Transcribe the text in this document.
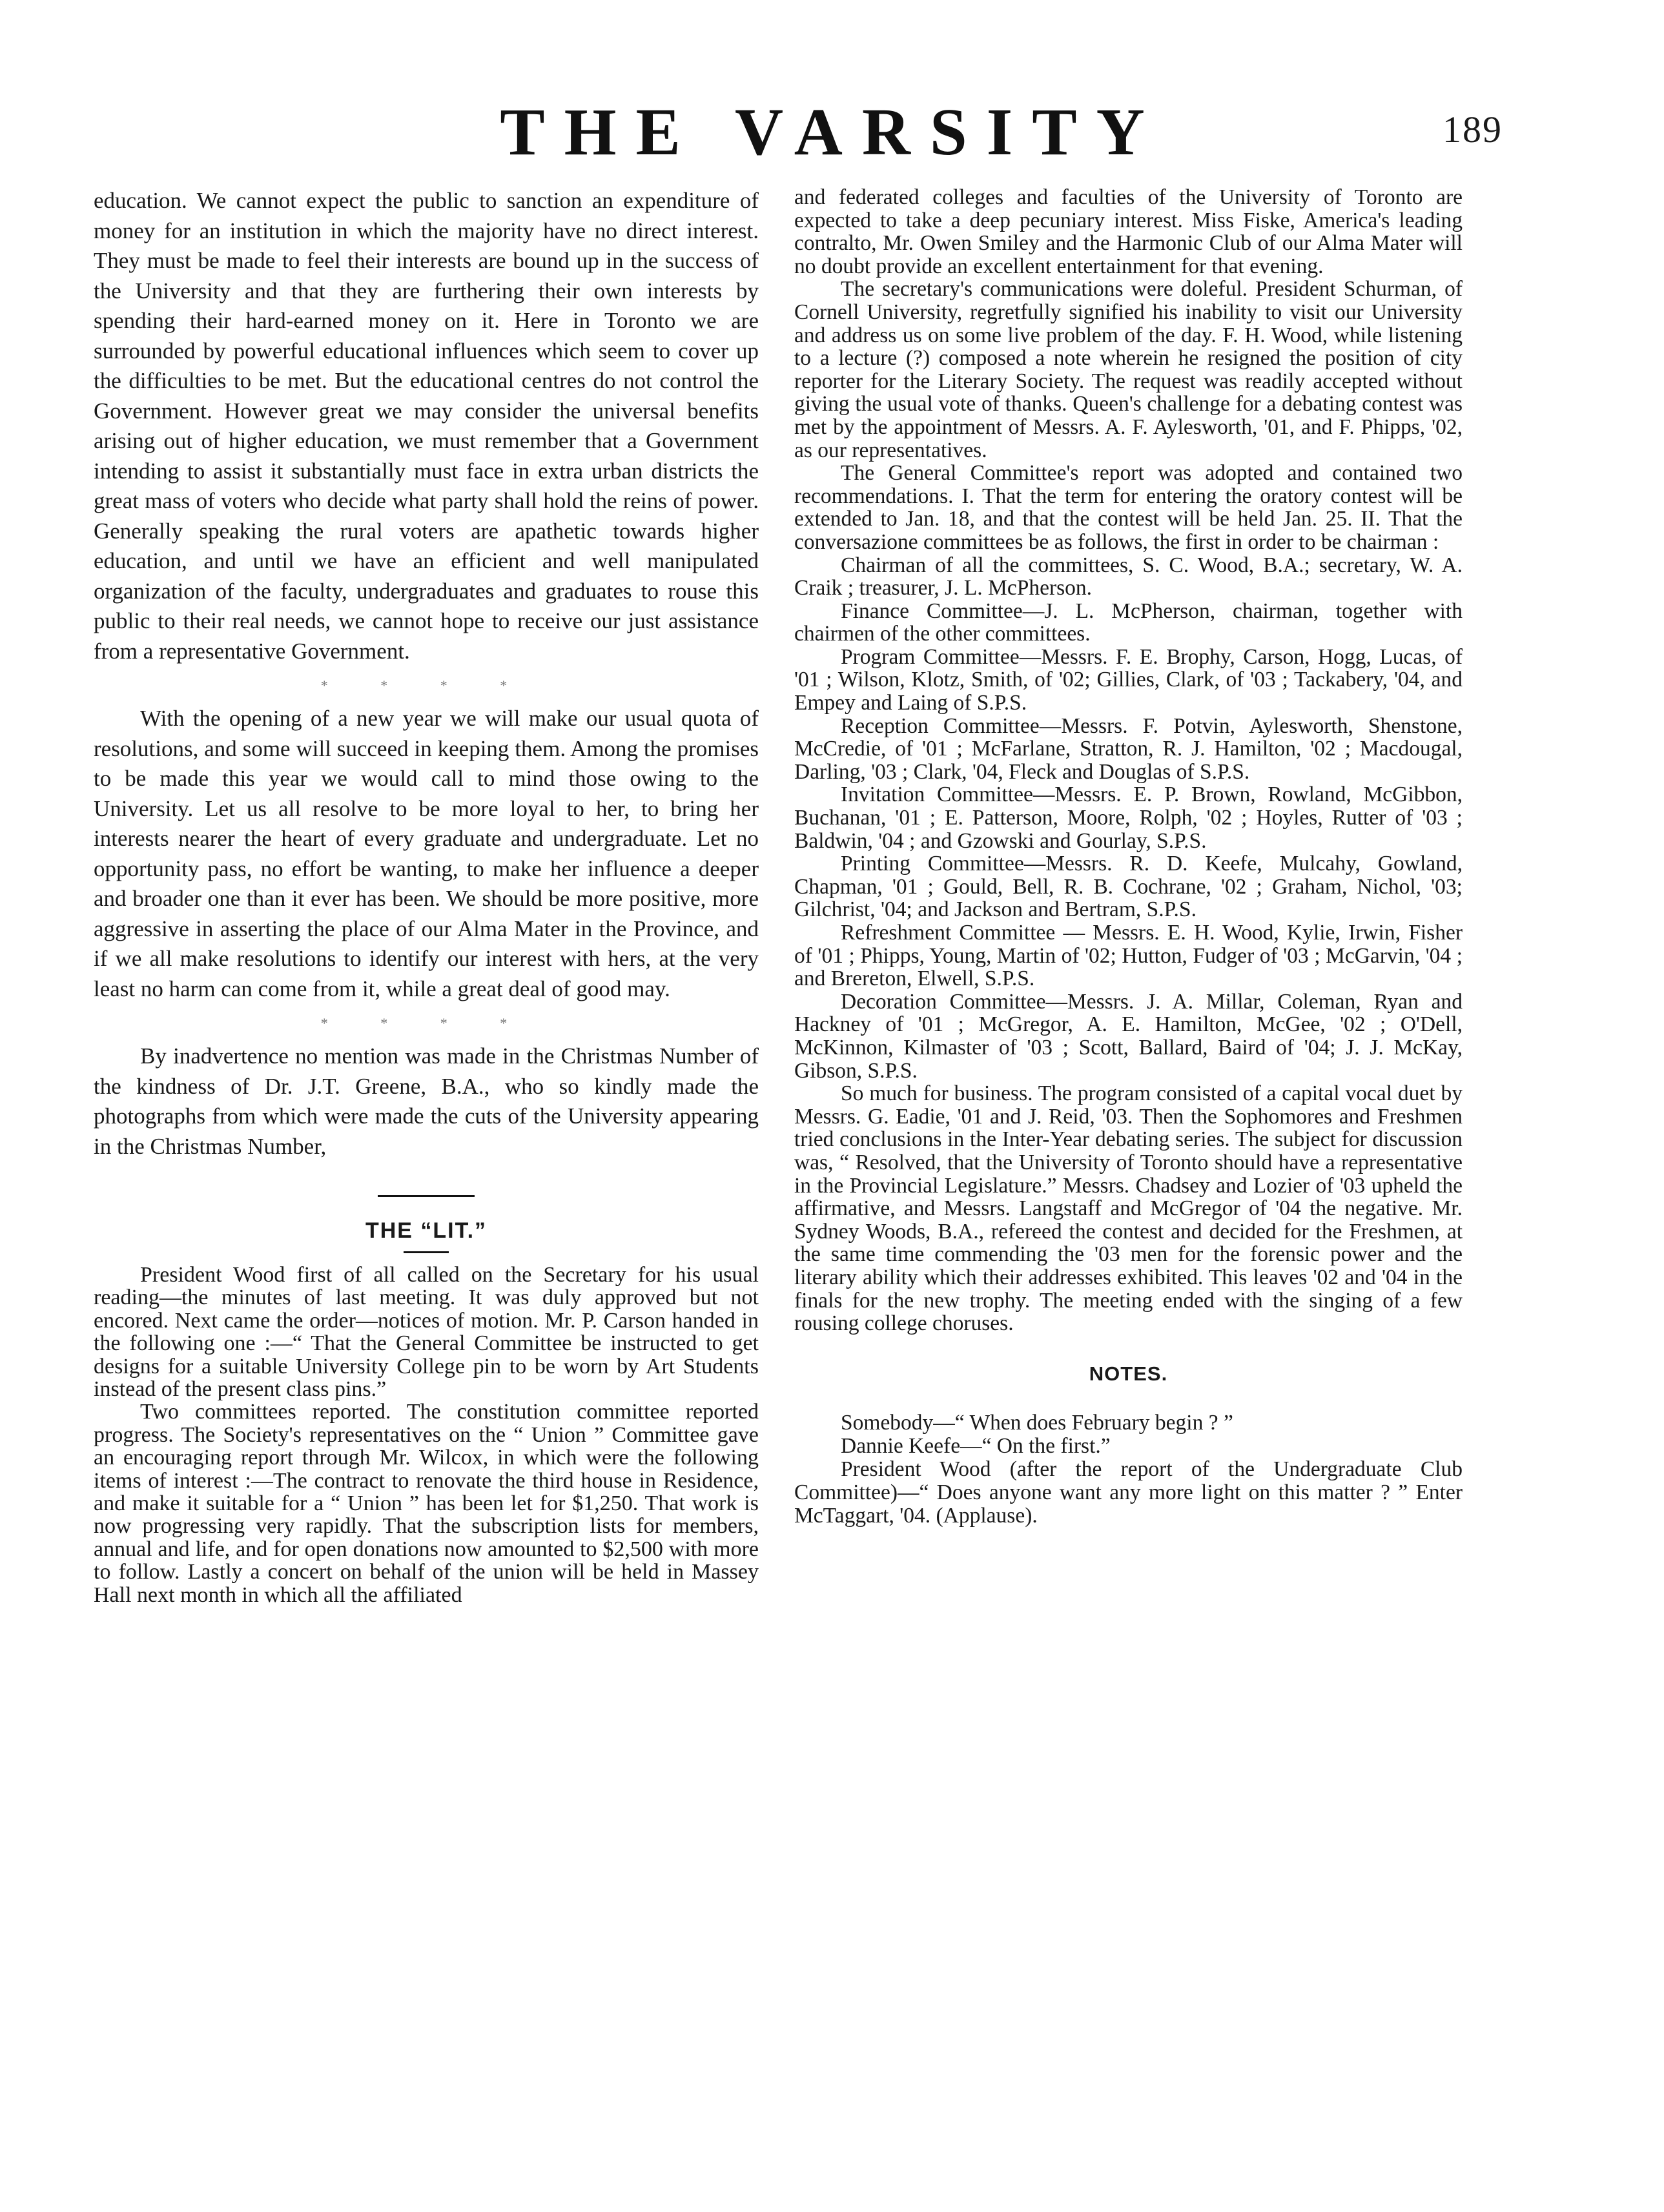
THE VARSITY	189

education. We cannot expect the public to sanction an expenditure of money for an institution in which the majority have no direct interest. They must be made to feel their interests are bound up in the success of the University and that they are furthering their own interests by spending their hard-earned money on it. Here in Toronto we are surrounded by powerful educational influences which seem to cover up the difficulties to be met. But the educational centres do not control the Government. However great we may consider the universal benefits arising out of higher education, we must remember that a Government intending to assist it substantially must face in extra urban districts the great mass of voters who decide what party shall hold the reins of power. Generally speaking the rural voters are apathetic towards higher education, and until we have an efficient and well manipulated organization of the faculty, undergraduates and graduates to rouse this public to their real needs, we cannot hope to receive our just assistance from a representative Government.

* * * *

With the opening of a new year we will make our usual quota of resolutions, and some will succeed in keeping them. Among the promises to be made this year we would call to mind those owing to the University. Let us all resolve to be more loyal to her, to bring her interests nearer the heart of every graduate and undergraduate. Let no opportunity pass, no effort be wanting, to make her influence a deeper and broader one than it ever has been. We should be more positive, more aggressive in asserting the place of our Alma Mater in the Province, and if we all make resolutions to identify our interest with hers, at the very least no harm can come from it, while a great deal of good may.

* * * *

By inadvertence no mention was made in the Christmas Number of the kindness of Dr. J.T. Greene, B.A., who so kindly made the photographs from which were made the cuts of the University appearing in the Christmas Number,

THE “LIT.”

President Wood first of all called on the Secretary for his usual reading—the minutes of last meeting. It was duly approved but not encored. Next came the order—notices of motion. Mr. P. Carson handed in the following one :—“ That the General Committee be instructed to get designs for a suitable University College pin to be worn by Art Students instead of the present class pins.”

Two committees reported. The constitution committee reported progress. The Society's representatives on the “ Union ” Committee gave an encouraging report through Mr. Wilcox, in which were the following items of interest :—The contract to renovate the third house in Residence, and make it suitable for a “ Union ” has been let for $1,250. That work is now progressing very rapidly. That the subscription lists for members, annual and life, and for open donations now amounted to $2,500 with more to follow. Lastly a concert on behalf of the union will be held in Massey Hall next month in which all the affiliated

and federated colleges and faculties of the University of Toronto are expected to take a deep pecuniary interest. Miss Fiske, America's leading contralto, Mr. Owen Smiley and the Harmonic Club of our Alma Mater will no doubt provide an excellent entertainment for that evening.

The secretary's communications were doleful. President Schurman, of Cornell University, regretfully signified his inability to visit our University and address us on some live problem of the day. F. H. Wood, while listening to a lecture (?) composed a note wherein he resigned the position of city reporter for the Literary Society. The request was readily accepted without giving the usual vote of thanks. Queen's challenge for a debating contest was met by the appointment of Messrs. A. F. Aylesworth, '01, and F. Phipps, '02, as our representatives.

The General Committee's report was adopted and contained two recommendations. I. That the term for entering the oratory contest will be extended to Jan. 18, and that the contest will be held Jan. 25. II. That the conversazione committees be as follows, the first in order to be chairman :

Chairman of all the committees, S. C. Wood, B.A.; secretary, W. A. Craik ; treasurer, J. L. McPherson.

Finance Committee—J. L. McPherson, chairman, together with chairmen of the other committees.

Program Committee—Messrs. F. E. Brophy, Carson, Hogg, Lucas, of '01 ; Wilson, Klotz, Smith, of '02; Gillies, Clark, of '03 ; Tackabery, '04, and Empey and Laing of S.P.S.

Reception Committee—Messrs. F. Potvin, Aylesworth, Shenstone, McCredie, of '01 ; McFarlane, Stratton, R. J. Hamilton, '02 ; Macdougal, Darling, '03 ; Clark, '04, Fleck and Douglas of S.P.S.

Invitation Committee—Messrs. E. P. Brown, Rowland, McGibbon, Buchanan, '01 ; E. Patterson, Moore, Rolph, '02 ; Hoyles, Rutter of '03 ; Baldwin, '04 ; and Gzowski and Gourlay, S.P.S.

Printing Committee—Messrs. R. D. Keefe, Mulcahy, Gowland, Chapman, '01 ; Gould, Bell, R. B. Cochrane, '02 ; Graham, Nichol, '03; Gilchrist, '04; and Jackson and Bertram, S.P.S.

Refreshment Committee — Messrs. E. H. Wood, Kylie, Irwin, Fisher of '01 ; Phipps, Young, Martin of '02; Hutton, Fudger of '03 ; McGarvin, '04 ; and Brereton, Elwell, S.P.S.

Decoration Committee—Messrs. J. A. Millar, Coleman, Ryan and Hackney of '01 ; McGregor, A. E. Hamilton, McGee, '02 ; O'Dell, McKinnon, Kilmaster of '03 ; Scott, Ballard, Baird of '04; J. J. McKay, Gibson, S.P.S.

So much for business. The program consisted of a capital vocal duet by Messrs. G. Eadie, '01 and J. Reid, '03. Then the Sophomores and Freshmen tried conclusions in the Inter-Year debating series. The subject for discussion was, “ Resolved, that the University of Toronto should have a representative in the Provincial Legislature.” Messrs. Chadsey and Lozier of '03 upheld the affirmative, and Messrs. Langstaff and McGregor of '04 the negative. Mr. Sydney Woods, B.A., refereed the contest and decided for the Freshmen, at the same time commending the '03 men for the forensic power and the literary ability which their addresses exhibited. This leaves '02 and '04 in the finals for the new trophy. The meeting ended with the singing of a few rousing college choruses.

NOTES.

Somebody—“ When does February begin ? ”

Dannie Keefe—“ On the first.”

President Wood (after the report of the Undergraduate Club Committee)—“ Does anyone want any more light on this matter ? ” Enter McTaggart, '04. (Applause).
